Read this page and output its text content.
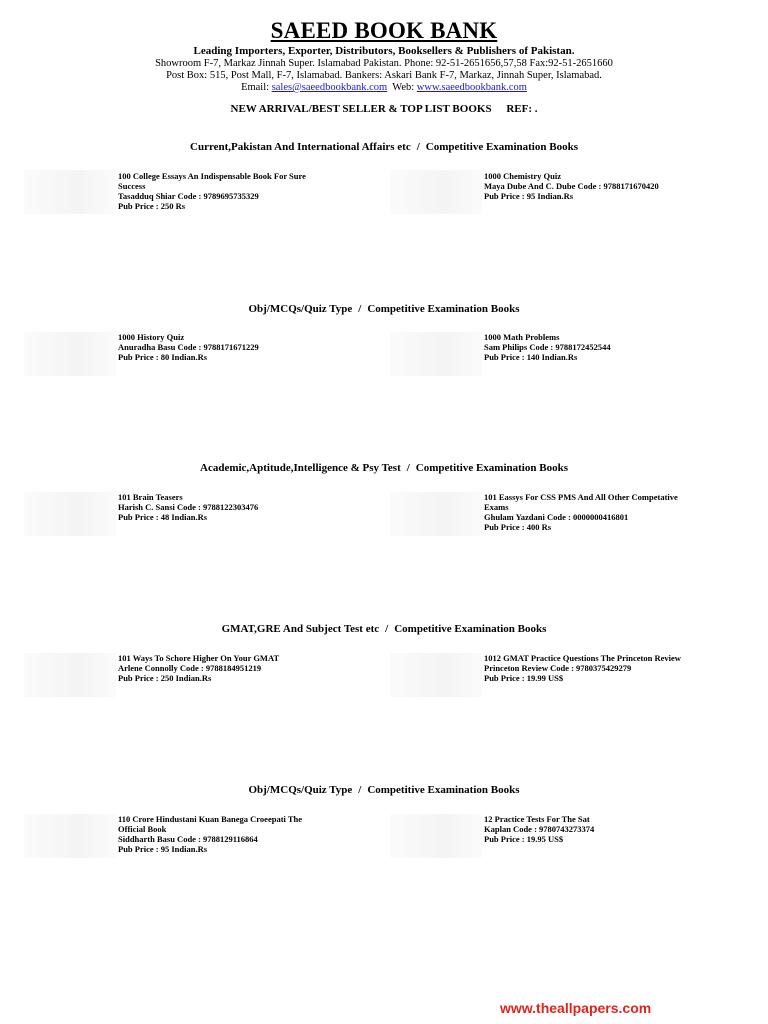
SAEED BOOK BANK
Leading Importers, Exporter, Distributors, Booksellers & Publishers of Pakistan.
Showroom F-7, Markaz Jinnah Super. Islamabad Pakistan. Phone: 92-51-2651656,57,58 Fax:92-51-2651660
Post Box: 515, Post Mall, F-7, Islamabad. Bankers: Askari Bank F-7, Markaz, Jinnah Super, Islamabad.
Email: sales@saeedbookbank.com Web: www.saeedbookbank.com
NEW ARRIVAL/BEST SELLER & TOP LIST BOOKS REF: .
Current,Pakistan And International Affairs etc / Competitive Examination Books
100 College Essays An Indispensable Book For Sure
Success
Tasadduq Shiar Code : 9789695735329
Pub Price : 250 Rs
1000 Chemistry Quiz
Maya Dube And C. Dube Code : 9788171670420
Pub Price : 95 Indian.Rs
Obj/MCQs/Quiz Type / Competitive Examination Books
1000 History Quiz
Anuradha Basu Code : 9788171671229
Pub Price : 80 Indian.Rs
1000 Math Problems
Sam Philips Code : 9788172452544
Pub Price : 140 Indian.Rs
Academic,Aptitude,Intelligence & Psy Test / Competitive Examination Books
101 Brain Teasers
Harish C. Sansi Code : 9788122303476
Pub Price : 48 Indian.Rs
101 Eassys For CSS PMS And All Other Competative
Exams
Ghulam Yazdani Code : 0000000416801
Pub Price : 400 Rs
GMAT,GRE And Subject Test etc / Competitive Examination Books
101 Ways To Schore Higher On Your GMAT
Arlene Connolly Code : 9788184951219
Pub Price : 250 Indian.Rs
1012 GMAT Practice Questions The Princeton Review
Princeton Review Code : 9780375429279
Pub Price : 19.99 US$
Obj/MCQs/Quiz Type / Competitive Examination Books
110 Crore Hindustani Kuan Banega Croeepati The
Official Book
Siddharth Basu Code : 9788129116864
Pub Price : 95 Indian.Rs
12 Practice Tests For The Sat
Kaplan Code : 9780743273374
Pub Price : 19.95 US$
www.theallpapers.com
